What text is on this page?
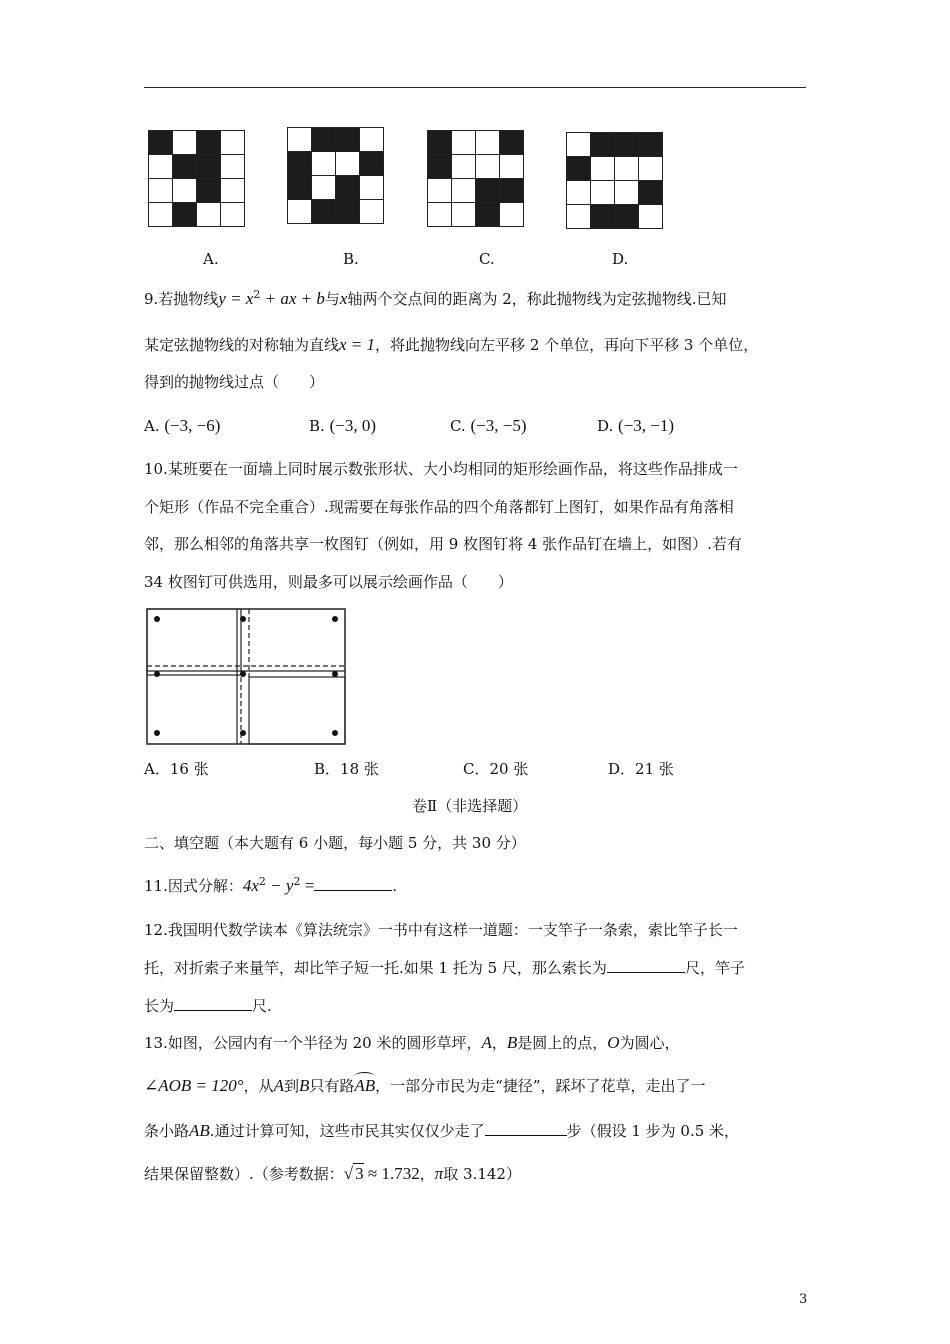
A.	B.	C.	D.
9.若抛物线$y = x^2$ + ax + b与x轴两个交点间的距离为 2，称此抛物线为定弦抛物线.已知
某定弦抛物线的对称轴为直线x = 1，将此抛物线向左平移 2 个单位，再向下平移 3 个单位，
得到的抛物线过点（　　）
A. (−3, −6)	B. (−3, 0)	C. (−3, −5)	D. (−3, −1)
10.某班要在一面墙上同时展示数张形状、大小均相同的矩形绘画作品，将这些作品排成一
个矩形（作品不完全重合）.现需要在每张作品的四个角落都钉上图钉，如果作品有角落相
邻，那么相邻的角落共享一枚图钉（例如，用 9 枚图钉将 4 张作品钉在墙上，如图）.若有
34 枚图钉可供选用，则最多可以展示绘画作品（　　）
A．16 张	B．18 张	C．20 张	D．21 张
卷Ⅱ（非选择题）
二、填空题（本大题有 6 小题，每小题 5 分，共 30 分）
11.因式分解：$4x^2 - y^2$ =	.
12.我国明代数学读本《算法统宗》一书中有这样一道题：一支竿子一条索，索比竿子长一
托，对折索子来量竿，却比竿子短一托.如果 1 托为 5 尺，那么索长为	尺，竿子
长为	尺.
13.如图，公园内有一个半径为 20 米的圆形草坪，A，B是圆上的点，O为圆心，
∠AOB = 120°，从A到B只有路AB，一部分市民为走“捷径”，踩坏了花草，走出了一
条小路AB.通过计算可知，这些市民其实仅仅少走了	步（假设 1 步为 0.5 米，
结果保留整数）.（参考数据：√ 3 ≈ 1.732，π取 3.142）
3
